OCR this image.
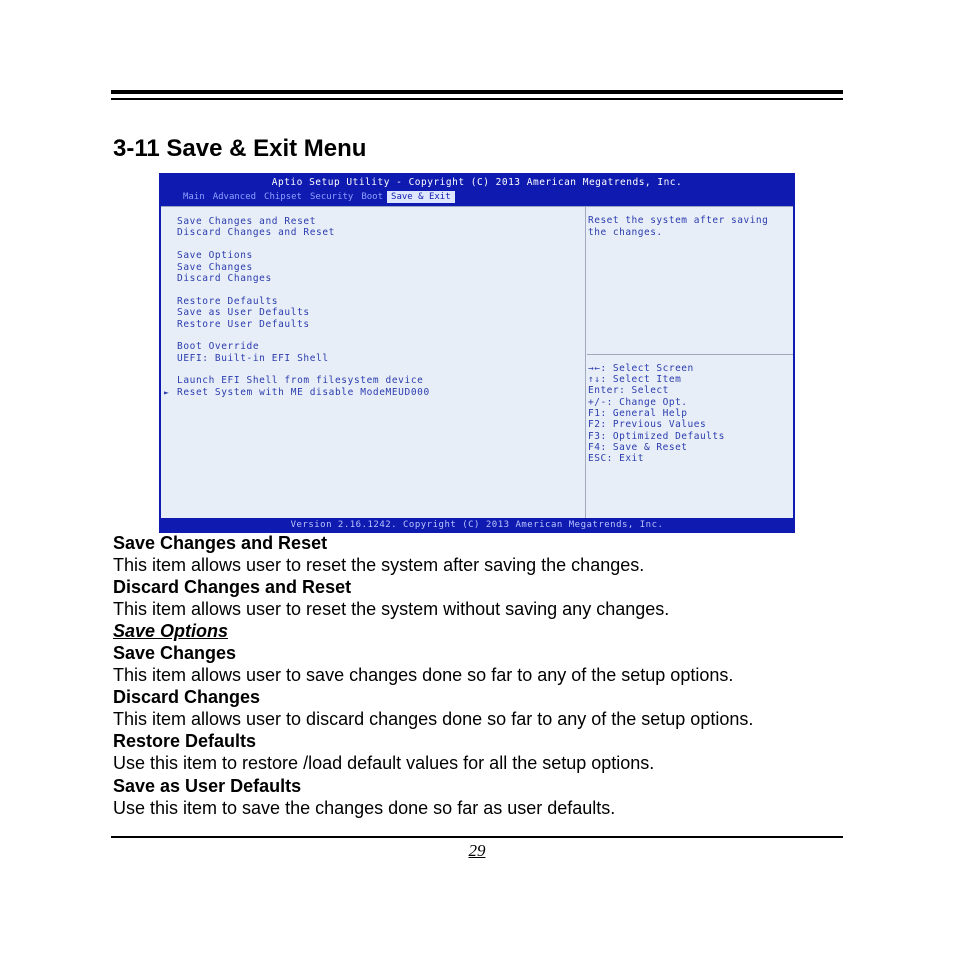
3-11 Save & Exit Menu
Aptio Setup Utility - Copyright (C) 2013 American Megatrends, Inc.
Main Advanced Chipset Security Boot Save & Exit
Save Changes and Reset
Discard Changes and Reset
Save Options
Save Changes
Discard Changes
Restore Defaults
Save as User Defaults
Restore User Defaults
Boot Override
UEFI: Built-in EFI Shell
Launch EFI Shell from filesystem device
► Reset System with ME disable ModeMEUD000
Reset the system after saving the changes.
→←: Select Screen
↑↓: Select Item
Enter: Select
+/-: Change Opt.
F1: General Help
F2: Previous Values
F3: Optimized Defaults
F4: Save & Reset
ESC: Exit
Version 2.16.1242. Copyright (C) 2013 American Megatrends, Inc.
Save Changes and Reset

This item allows user to reset the system after saving the changes.

Discard Changes and Reset

This item allows user to reset the system without saving any changes.

Save Options
Save Changes

This item allows user to save changes done so far to any of the setup options.

Discard Changes

This item allows user to discard changes done so far to any of the setup options.

Restore Defaults

Use this item to restore /load default values for all the setup options.

Save as User Defaults

Use this item to save the changes done so far as user defaults.

29
